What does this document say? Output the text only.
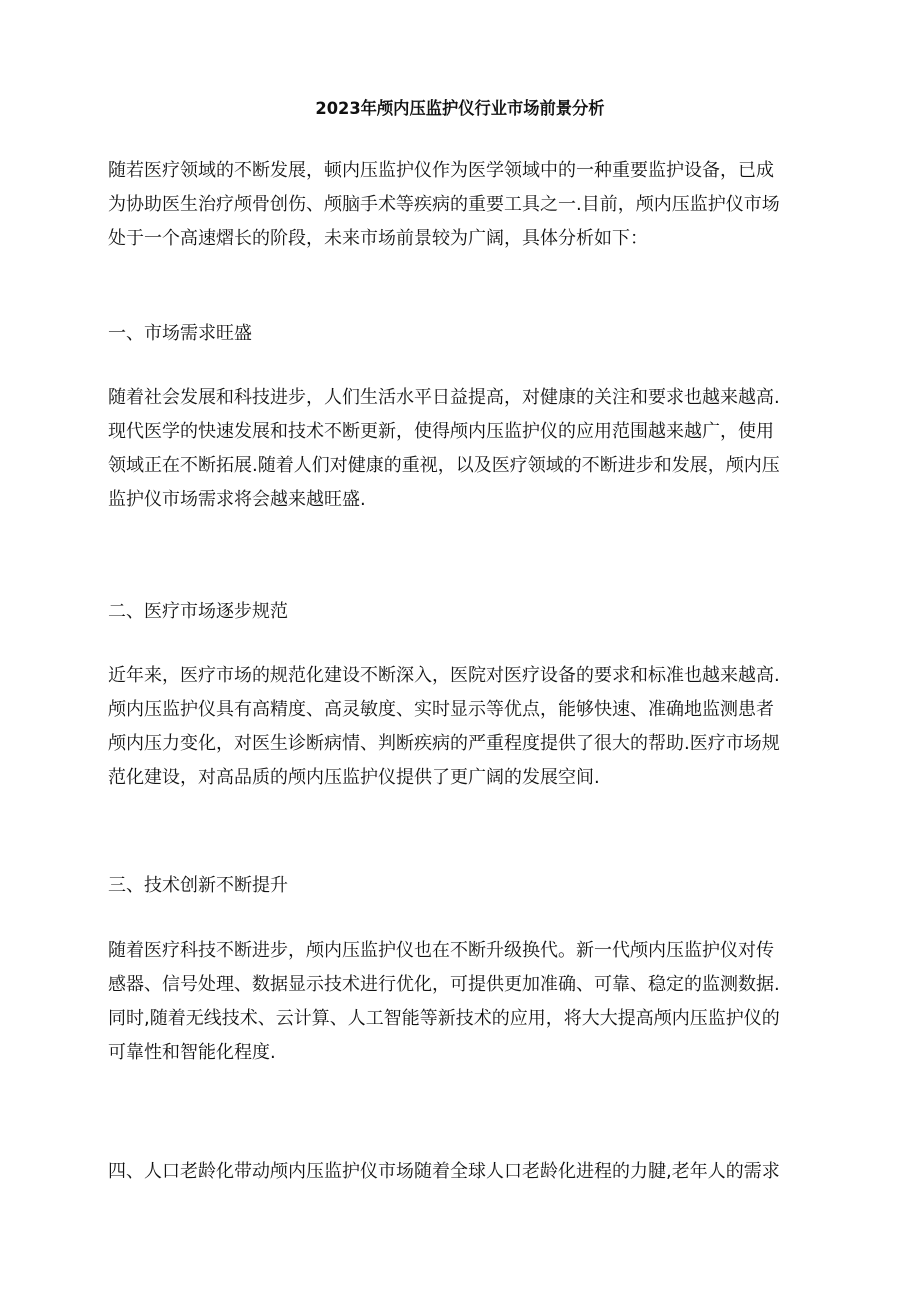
2023年颅内压监护仪行业市场前景分析
随若医疗领域的不断发展，顿内压监护仪作为医学领域中的一种重要监护设备，已成
为协助医生治疗颅骨创伤、颅脑手术等疾病的重要工具之一.目前，颅内压监护仪市场
处于一个高速熠长的阶段，未来市场前景较为广阔，具体分析如下：
一、市场需求旺盛
随着社会发展和科技进步，人们生活水平日益提高，对健康的关注和要求也越来越高.
现代医学的快速发展和技术不断更新，使得颅内压监护仪的应用范围越来越广，使用
领域正在不断拓展.随着人们对健康的重视，以及医疗领域的不断进步和发展，颅内压
监护仪市场需求将会越来越旺盛.
二、医疗市场逐步规范
近年来，医疗市场的规范化建设不断深入，医院对医疗设备的要求和标准也越来越高.
颅内压监护仪具有高精度、高灵敏度、实时显示等优点，能够快速、准确地监测患者
颅内压力变化，对医生诊断病情、判断疾病的严重程度提供了很大的帮助.医疗市场规
范化建设，对高品质的颅内压监护仪提供了更广阔的发展空间.
三、技术创新不断提升
随着医疗科技不断进步，颅内压监护仪也在不断升级换代。新一代颅内压监护仪对传
感器、信号处理、数据显示技术进行优化，可提供更加准确、可靠、稳定的监测数据.
同时,随着无线技术、云计算、人工智能等新技术的应用，将大大提高颅内压监护仪的
可靠性和智能化程度.
四、人口老龄化带动颅内压监护仪市场随着全球人口老龄化进程的力腱,老年人的需求
